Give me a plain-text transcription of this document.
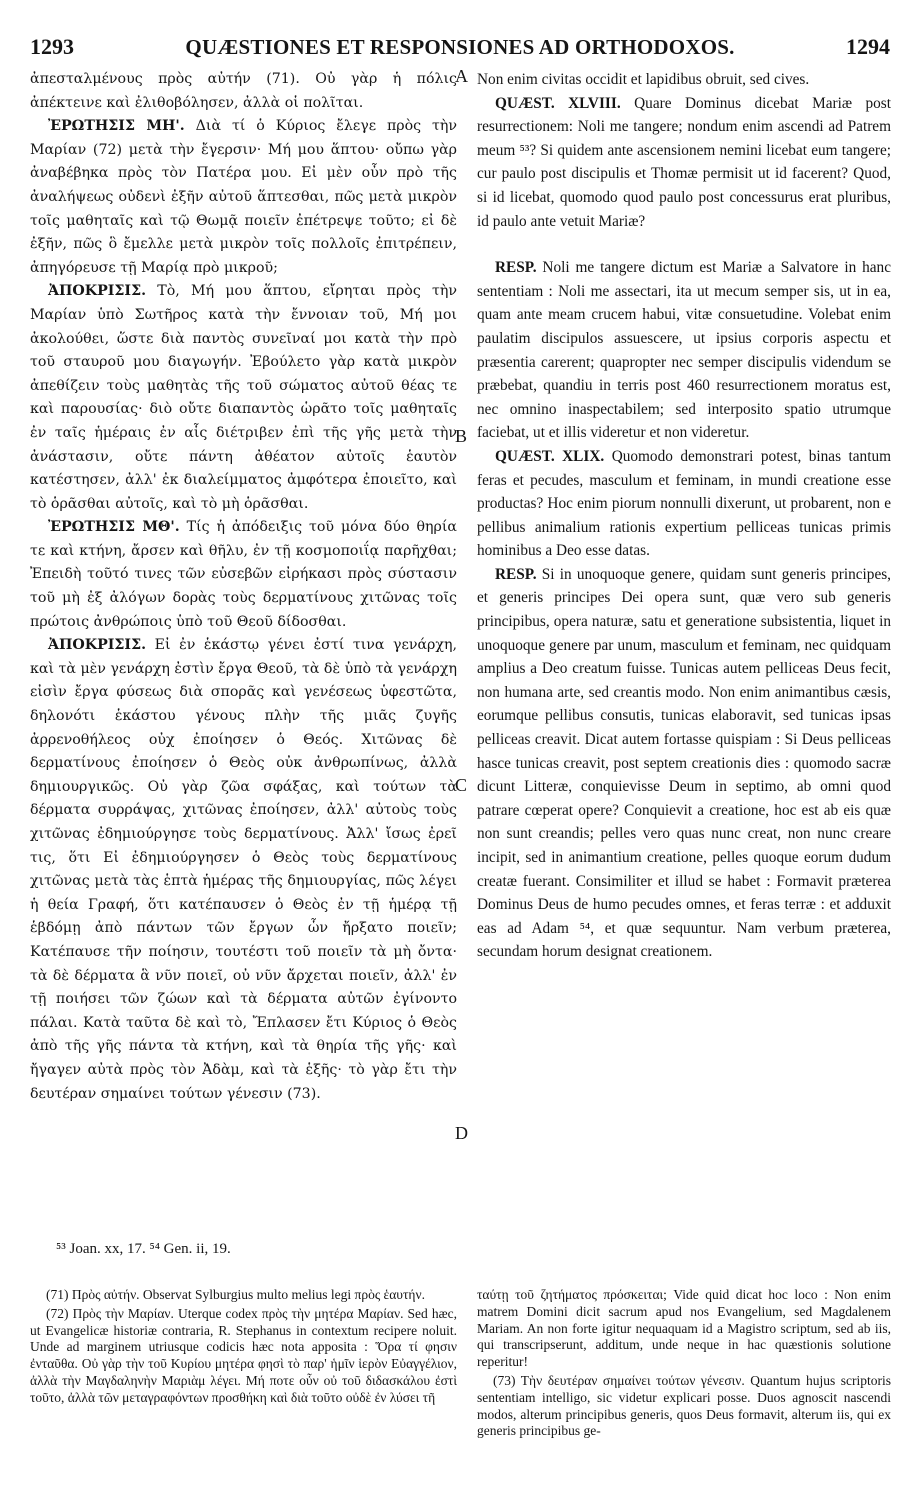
1293	QUÆSTIONES ET RESPONSIONES AD ORTHODOXOS.	1294

ἀπεσταλμένους πρὸς αὐτήν (71). Οὐ γὰρ ἡ πόλις ἀπέκτεινε καὶ ἐλιθοβόλησεν, ἀλλὰ οἱ πολῖται.

ἘΡΩΤΗΣΙΣ ΜΗ'. Διὰ τί ὁ Κύριος ἔλεγε πρὸς τὴν Μαρίαν (72) μετὰ τὴν ἔγερσιν· Μή μου ἅπτου· οὔπω γὰρ ἀναβέβηκα πρὸς τὸν Πατέρα μου. Εἰ μὲν οὖν πρὸ τῆς ἀναλήψεως οὐδενὶ ἐξῆν αὐτοῦ ἅπτεσθαι, πῶς μετὰ μικρὸν τοῖς μαθηταῖς καὶ τῷ Θωμᾷ ποιεῖν ἐπέτρεψε τοῦτο; εἰ δὲ ἐξῆν, πῶς ὃ ἔμελλε μετὰ μικρὸν τοῖς πολλοῖς ἐπιτρέπειν, ἀπηγόρευσε τῇ Μαρίᾳ πρὸ μικροῦ;

ἈΠΟΚΡΙΣΙΣ. Τὸ, Μή μου ἅπτου, εἴρηται πρὸς τὴν Μαρίαν ὑπὸ Σωτῆρος κατὰ τὴν ἔννοιαν τοῦ, Μή μοι ἀκολούθει, ὥστε διὰ παντὸς συνεῖναί μοι κατὰ τὴν πρὸ τοῦ σταυροῦ μου διαγωγήν. Ἐβούλετο γὰρ κατὰ μικρὸν ἀπεθίζειν τοὺς μαθητὰς τῆς τοῦ σώματος αὐτοῦ θέας τε καὶ παρουσίας· διὸ οὔτε διαπαντὸς ὡρᾶτο τοῖς μαθηταῖς ἐν ταῖς ἡμέραις ἐν αἷς διέτριβεν ἐπὶ τῆς γῆς μετὰ τὴν ἀνάστασιν, οὔτε πάντη ἀθέατον αὐτοῖς ἑαυτὸν κατέστησεν, ἀλλ' ἐκ διαλείμματος ἀμφότερα ἐποιεῖτο, καὶ τὸ ὁρᾶσθαι αὐτοῖς, καὶ τὸ μὴ ὁρᾶσθαι.

ἘΡΩΤΗΣΙΣ ΜΘ'. Τίς ἡ ἀπόδειξις τοῦ μόνα δύο θηρία τε καὶ κτήνη, ἄρσεν καὶ θῆλυ, ἐν τῇ κοσμοποιΐᾳ παρῆχθαι; Ἐπειδὴ τοῦτό τινες τῶν εὐσεβῶν εἰρήκασι πρὸς σύστασιν τοῦ μὴ ἐξ ἀλόγων δορὰς τοὺς δερματίνους χιτῶνας τοῖς πρώτοις ἀνθρώποις ὑπὸ τοῦ Θεοῦ δίδοσθαι.

ἈΠΟΚΡΙΣΙΣ. Εἰ ἐν ἑκάστῳ γένει ἐστί τινα γενάρχη, καὶ τὰ μὲν γενάρχη ἐστὶν ἔργα Θεοῦ, τὰ δὲ ὑπὸ τὰ γενάρχη εἰσὶν ἔργα φύσεως διὰ σπορᾶς καὶ γενέσεως ὑφεστῶτα, δηλονότι ἑκάστου γένους πλὴν τῆς μιᾶς ζυγῆς ἀρρενοθήλεος οὐχ ἐποίησεν ὁ Θεός. Χιτῶνας δὲ δερματίνους ἐποίησεν ὁ Θεὸς οὐκ ἀνθρωπίνως, ἀλλὰ δημιουργικῶς. Οὐ γὰρ ζῶα σφάξας, καὶ τούτων τὰ δέρματα συρράψας, χιτῶνας ἐποίησεν, ἀλλ' αὐτοὺς τοὺς χιτῶνας ἐδημιούργησε τοὺς δερματίνους. Ἀλλ' ἴσως ἐρεῖ τις, ὅτι Εἰ ἐδημιούργησεν ὁ Θεὸς τοὺς δερματίνους χιτῶνας μετὰ τὰς ἑπτὰ ἡμέρας τῆς δημιουργίας, πῶς λέγει ἡ θεία Γραφή, ὅτι κατέπαυσεν ὁ Θεὸς ἐν τῇ ἡμέρᾳ τῇ ἑβδόμῃ ἀπὸ πάντων τῶν ἔργων ὧν ἤρξατο ποιεῖν; Κατέπαυσε τῆν ποίησιν, τουτέστι τοῦ ποιεῖν τὰ μὴ ὄντα· τὰ δὲ δέρματα ἃ νῦν ποιεῖ, οὐ νῦν ἄρχεται ποιεῖν, ἀλλ' ἐν τῇ ποιήσει τῶν ζώων καὶ τὰ δέρματα αὐτῶν ἐγίνοντο πάλαι. Κατὰ ταῦτα δὲ καὶ τὸ, Ἔπλασεν ἔτι Κύριος ὁ Θεὸς ἀπὸ τῆς γῆς πάντα τὰ κτήνη, καὶ τὰ θηρία τῆς γῆς· καὶ ἤγαγεν αὐτὰ πρὸς τὸν Ἀδὰμ, καὶ τὰ ἑξῆς· τὸ γὰρ ἔτι τὴν δευτέραν σημαίνει τούτων γένεσιν (73).

A
B
C
D

Non enim civitas occidit et lapidibus obruit, sed cives.

QUÆST. XLVIII. Quare Dominus dicebat Mariæ post resurrectionem: Noli me tangere; nondum enim ascendi ad Patrem meum ⁵³? Si quidem ante ascensionem nemini licebat eum tangere; cur paulo post discipulis et Thomæ permisit ut id facerent? Quod, si id licebat, quomodo quod paulo post concessurus erat pluribus, id paulo ante vetuit Mariæ?

RESP. Noli me tangere dictum est Mariæ a Salvatore in hanc sententiam : Noli me assectari, ita ut mecum semper sis, ut in ea, quam ante meam crucem habui, vitæ consuetudine. Volebat enim paulatim discipulos assuescere, ut ipsius corporis aspectu et præsentia carerent; quapropter nec semper discipulis videndum se præbebat, quandiu in terris post 460 resurrectionem moratus est, nec omnino inaspectabilem; sed interposito spatio utrumque faciebat, ut et illis videretur et non videretur.

QUÆST. XLIX. Quomodo demonstrari potest, binas tantum feras et pecudes, masculum et feminam, in mundi creatione esse productas? Hoc enim piorum nonnulli dixerunt, ut probarent, non e pellibus animalium rationis expertium pelliceas tunicas primis hominibus a Deo esse datas.

RESP. Si in unoquoque genere, quidam sunt generis principes, et generis principes Dei opera sunt, quæ vero sub generis principibus, opera naturæ, satu et generatione subsistentia, liquet in unoquoque genere par unum, masculum et feminam, nec quidquam amplius a Deo creatum fuisse. Tunicas autem pelliceas Deus fecit, non humana arte, sed creantis modo. Non enim animantibus cæsis, eorumque pellibus consutis, tunicas elaboravit, sed tunicas ipsas pelliceas creavit. Dicat autem fortasse quispiam : Si Deus pelliceas hasce tunicas creavit, post septem creationis dies : quomodo sacræ dicunt Litteræ, conquievisse Deum in septimo, ab omni quod patrare cœperat opere? Conquievit a creatione, hoc est ab eis quæ non sunt creandis; pelles vero quas nunc creat, non nunc creare incipit, sed in animantium creatione, pelles quoque eorum dudum creatæ fuerant. Consimiliter et illud se habet : Formavit præterea Dominus Deus de humo pecudes omnes, et feras terræ : et adduxit eas ad Adam ⁵⁴, et quæ sequuntur. Nam verbum præterea, secundam horum designat creationem.

⁵³ Joan. xx, 17. ⁵⁴ Gen. ii, 19.

(71) Πρὸς αὐτήν. Observat Sylburgius multo melius legi πρὸς ἑαυτήν.

(72) Πρὸς τὴν Μαρίαν. Uterque codex πρὸς τὴν μητέρα Μαρίαν. Sed hæc, ut Evangelicæ historiæ contraria, R. Stephanus in contextum recipere noluit. Unde ad marginem utriusque codicis hæc nota apposita : Ὅρα τί φησιν ἐνταῦθα. Οὐ γὰρ τὴν τοῦ Κυρίου μητέρα φησὶ τὸ παρ' ἡμῖν ἱερὸν Εὐαγγέλιον, ἀλλὰ τὴν Μαγδαληνὴν Μαριὰμ λέγει. Μή ποτε οὖν οὐ τοῦ διδασκάλου ἐστὶ τοῦτο, ἀλλὰ τῶν μεταγραφόντων προσθήκη καὶ διὰ τοῦτο οὐδὲ ἐν λύσει τῆ

ταύτῃ τοῦ ζητήματος πρόσκειται; Vide quid dicat hoc loco : Non enim matrem Domini dicit sacrum apud nos Evangelium, sed Magdalenem Mariam. An non forte igitur nequaquam id a Magistro scriptum, sed ab iis, qui transcripserunt, additum, unde neque in hac quæstionis solutione reperitur!

(73) Τὴν δευτέραν σημαίνει τούτων γένεσιν. Quantum hujus scriptoris sententiam intelligo, sic videtur explicari posse. Duos agnoscit nascendi modos, alterum principibus generis, quos Deus formavit, alterum iis, qui ex generis principibus ge-
